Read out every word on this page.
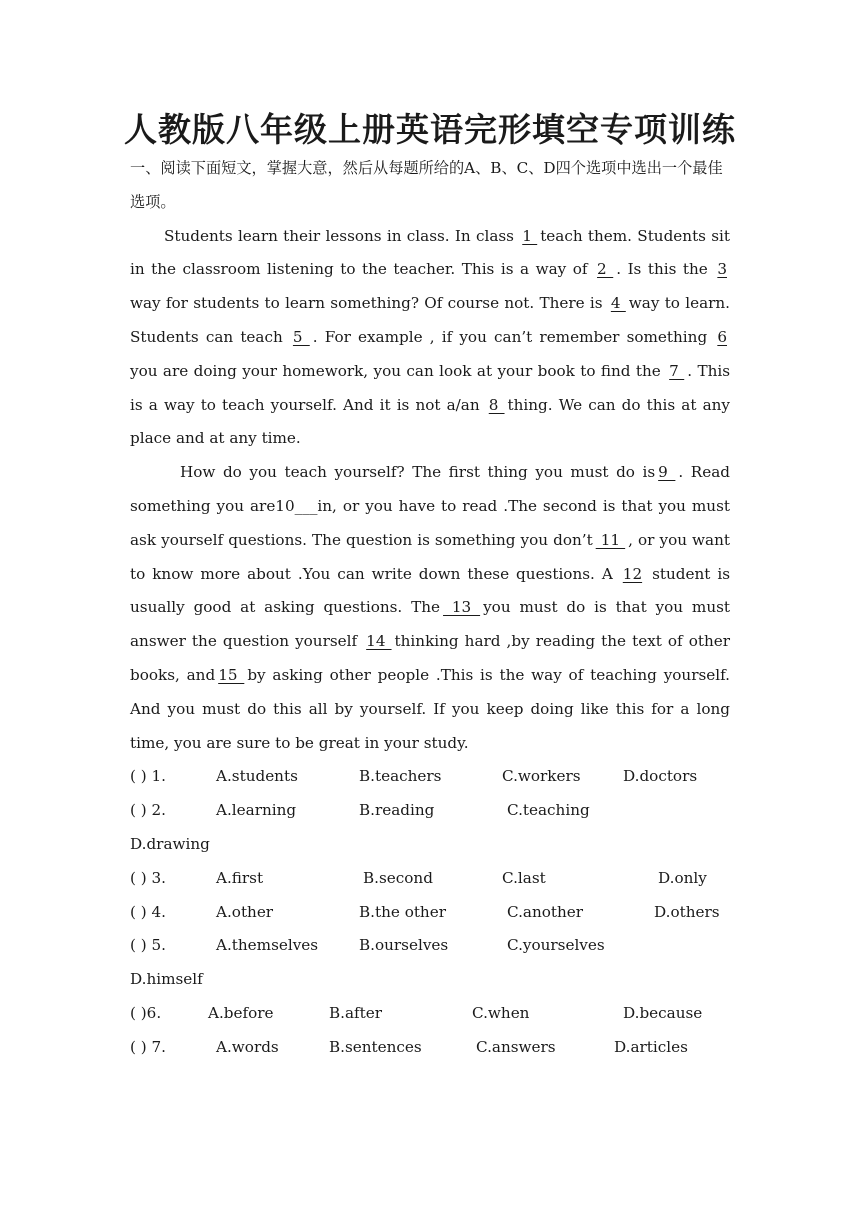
人教版八年级上册英语完形填空专项训练

一、阅读下面短文，掌握大意，然后从每题所给的A、B、C、D四个选项中选出一个最佳选项。

Students learn their lessons in class. In class 1 teach them. Students sit in the classroom listening to the teacher. This is a way of 2 . Is this the 3 way for students to learn something? Of course not. There is 4 way to learn. Students can teach 5 . For example , if you can’t remember something 6 you are doing your homework, you can look at your book to find the 7 . This is a way to teach yourself. And it is not a/an 8 thing. We can do this at any place and at any time.

How do you teach yourself? The first thing you must do is 9 . Read something you are10___in, or you have to read .The second is that you must ask yourself questions. The question is something you don’t 11 , or you want to know more about .You can write down these questions. A 12 student is usually good at asking questions. The 13 you must do is that you must answer the question yourself 14 thinking hard ,by reading the text of other books, and 15 by asking other people .This is the way of teaching yourself. And you must do this all by yourself. If you keep doing like this for a long time, you are sure to be great in your study.

( ) 1.	A.students	B.teachers	C.workers	D.doctors
( ) 2.	A.learning	B.reading	C.teaching
D.drawing
( ) 3.	A.first	B.second	C.last	D.only
( ) 4.	A.other	B.the other	C.another	D.others
( ) 5.	A.themselves	B.ourselves	C.yourselves
D.himself
( )6.	A.before	B.after	C.when	D.because
( ) 7.	A.words	B.sentences	C.answers	D.articles
